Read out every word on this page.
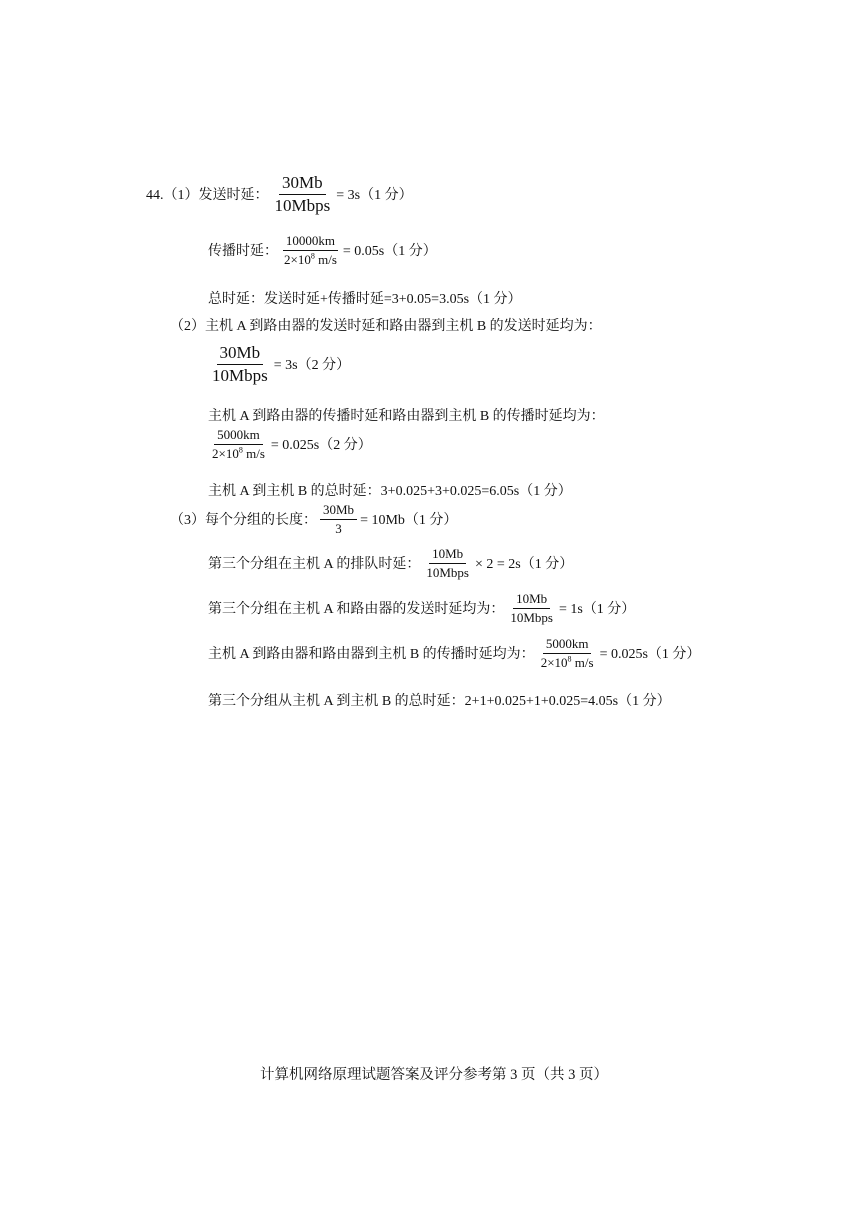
44.（1）发送时延： $\frac{30Mb}{\text{10Mbps}} = 3s(1$ 分）
传播时延： $\frac{10000km}{2\times 10^8 m/s} = 0.05s(1$ 分）
总时延：发送时延+传播时延=3+0.05=3.05s（1 分）
（2）主机 A 到路由器的发送时延和路由器到主机 B 的发送时延均为：
$\frac{30Mb}{\text{10Mbps}} = 3s(2$ 分）
主机 A 到路由器的传播时延和路由器到主机 B 的传播时延均为：
$\frac{5000km}{2\times 10^8 m/s} = 0.025s(2$ 分）
主机 A 到主机 B 的总时延：3+0.025+3+0.025=6.05s（1 分）
（3）每个分组的长度： $\frac{30Mb}{3} = 10Mb(1$ 分）
第三个分组在主机 A 的排队时延： $\frac{10Mb}{\text{10Mbps}} \times 2 = 2s(1$ 分）
第三个分组在主机 A 和路由器的发送时延均为： $\frac{10Mb}{\text{10Mbps}} = 1s(1$ 分）
主机 A 到路由器和路由器到主机 B 的传播时延均为： $\frac{5000km}{2\times 10^8 m/s} = 0.025s(1$ 分）
第三个分组从主机 A 到主机 B 的总时延：2+1+0.025+1+0.025=4.05s（1 分）
计算机网络原理试题答案及评分参考第 3 页（共 3 页）
